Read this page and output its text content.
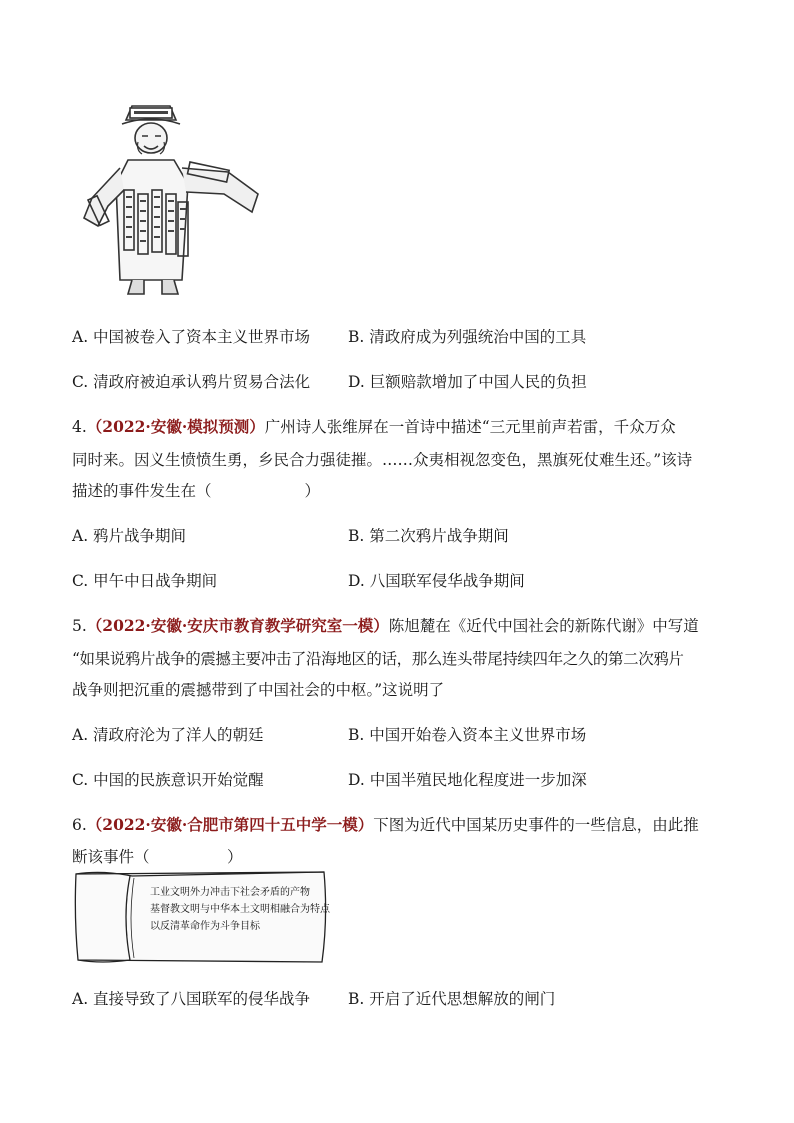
A. 中国被卷入了资本主义世界市场 B. 清政府成为列强统治中国的工具
C. 清政府被迫承认鸦片贸易合法化 D. 巨额赔款增加了中国人民的负担
4.（2022·安徽·模拟预测）广州诗人张维屏在一首诗中描述“三元里前声若雷，千众万众
同时来。因义生愤愤生勇，乡民合力强徒摧。……众夷相视忽变色，黑旗死仗难生还。”该诗
描述的事件发生在（　　　　　　）
A. 鸦片战争期间	B. 第二次鸦片战争期间
C. 甲午中日战争期间	D. 八国联军侵华战争期间
5.（2022·安徽·安庆市教育教学研究室一模）陈旭麓在《近代中国社会的新陈代谢》中写道
“如果说鸦片战争的震撼主要冲击了沿海地区的话，那么连头带尾持续四年之久的第二次鸦片
战争则把沉重的震撼带到了中国社会的中枢。”这说明了
A. 清政府沦为了洋人的朝廷	B. 中国开始卷入资本主义世界市场
C. 中国的民族意识开始觉醒	D. 中国半殖民地化程度进一步加深
6.（2022·安徽·合肥市第四十五中学一模）下图为近代中国某历史事件的一些信息，由此推
断该事件（　　　　　）
工业文明外力冲击下社会矛盾的产物
基督教文明与中华本土文明相融合为特点
以反清革命作为斗争目标
A. 直接导致了八国联军的侵华战争 B. 开启了近代思想解放的闸门
